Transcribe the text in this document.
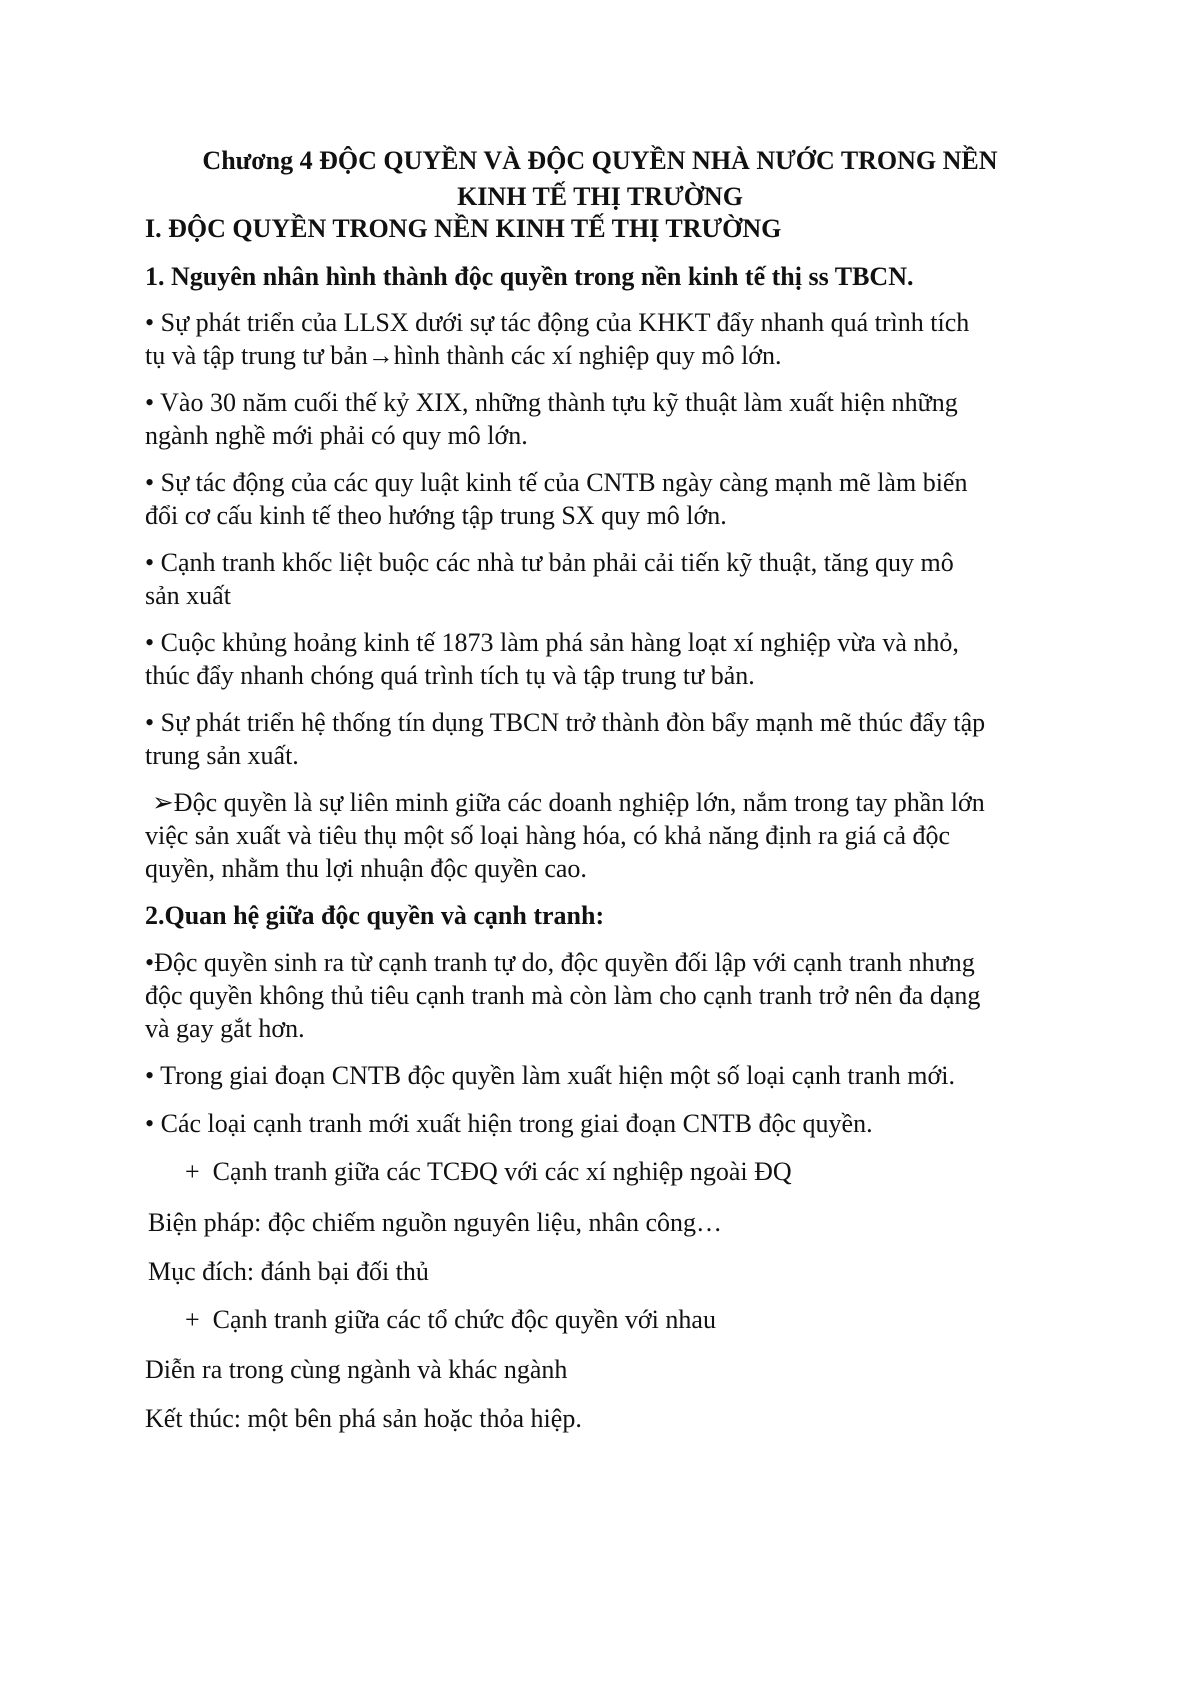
Chương 4 ĐỘC QUYỀN VÀ ĐỘC QUYỀN NHÀ NƯỚC TRONG NỀN
KINH TẾ THỊ TRƯỜNG

I. ĐỘC QUYỀN TRONG NỀN KINH TẾ THỊ TRƯỜNG

1. Nguyên nhân hình thành độc quyền trong nền kinh tế thị ss TBCN.

• Sự phát triển của LLSX dưới sự tác động của KHKT đẩy nhanh quá trình tích

tụ và tập trung tư bản→hình thành các xí nghiệp quy mô lớn.

• Vào 30 năm cuối thế kỷ XIX, những thành tựu kỹ thuật làm xuất hiện những

ngành nghề mới phải có quy mô lớn.

• Sự tác động của các quy luật kinh tế của CNTB ngày càng mạnh mẽ làm biến

đổi cơ cấu kinh tế theo hướng tập trung SX quy mô lớn.

• Cạnh tranh khốc liệt buộc các nhà tư bản phải cải tiến kỹ thuật, tăng quy mô

sản xuất

• Cuộc khủng hoảng kinh tế 1873 làm phá sản hàng loạt xí nghiệp vừa và nhỏ,

thúc đẩy nhanh chóng quá trình tích tụ và tập trung tư bản.

• Sự phát triển hệ thống tín dụng TBCN trở thành đòn bẩy mạnh mẽ thúc đẩy tập

trung sản xuất.

➢Độc quyền là sự liên minh giữa các doanh nghiệp lớn, nắm trong tay phần lớn

việc sản xuất và tiêu thụ một số loại hàng hóa, có khả năng định ra giá cả độc

quyền, nhằm thu lợi nhuận độc quyền cao.

2.Quan hệ giữa độc quyền và cạnh tranh:

•Độc quyền sinh ra từ cạnh tranh tự do, độc quyền đối lập với cạnh tranh nhưng

độc quyền không thủ tiêu cạnh tranh mà còn làm cho cạnh tranh trở nên đa dạng

và gay gắt hơn.

• Trong giai đoạn CNTB độc quyền làm xuất hiện một số loại cạnh tranh mới.

• Các loại cạnh tranh mới xuất hiện trong giai đoạn CNTB độc quyền.

+ Cạnh tranh giữa các TCĐQ với các xí nghiệp ngoài ĐQ

Biện pháp: độc chiếm nguồn nguyên liệu, nhân công…

Mục đích: đánh bại đối thủ

+ Cạnh tranh giữa các tổ chức độc quyền với nhau

Diễn ra trong cùng ngành và khác ngành

Kết thúc: một bên phá sản hoặc thỏa hiệp.
